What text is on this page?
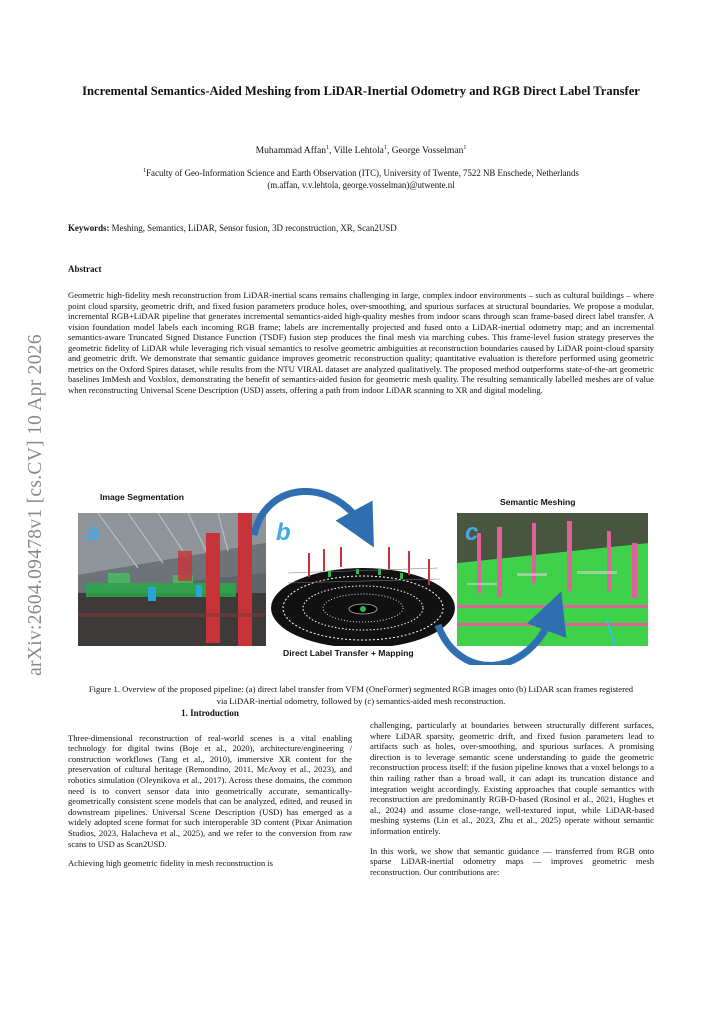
arXiv:2604.09478v1 [cs.CV] 10 Apr 2026
Incremental Semantics-Aided Meshing from LiDAR-Inertial Odometry and RGB Direct Label Transfer
Muhammad Affan$^1$, Ville Lehtola$^1$, George Vosselman$^1$
$^1$Faculty of Geo-Information Science and Earth Observation (ITC), University of Twente, 7522 NB Enschede, Netherlands
(m.affan, v.v.lehtola, george.vosselman)@utwente.nl
Keywords: Meshing, Semantics, LiDAR, Sensor fusion, 3D reconstruction, XR, Scan2USD
Abstract
Geometric high-fidelity mesh reconstruction from LiDAR-inertial scans remains challenging in large, complex indoor environments – such as cultural buildings – where point cloud sparsity, geometric drift, and fixed fusion parameters produce holes, over-smoothing, and spurious surfaces at structural boundaries. We propose a modular, incremental RGB+LiDAR pipeline that generates incremental semantics-aided high-quality meshes from indoor scans through scan frame-based direct label transfer. A vision foundation model labels each incoming RGB frame; labels are incrementally projected and fused onto a LiDAR-inertial odometry map; and an incremental semantics-aware Truncated Signed Distance Function (TSDF) fusion step produces the final mesh via marching cubes. This frame-level fusion strategy preserves the geometric fidelity of LiDAR while leveraging rich visual semantics to resolve geometric ambiguities at reconstruction boundaries caused by LiDAR point-cloud sparsity and geometric drift. We demonstrate that semantic guidance improves geometric reconstruction quality; quantitative evaluation is therefore performed using geometric metrics on the Oxford Spires dataset, while results from the NTU VIRAL dataset are analyzed qualitatively. The proposed method outperforms state-of-the-art geometric baselines ImMesh and Voxblox, demonstrating the benefit of semantics-aided fusion for geometric mesh quality. The resulting semantically labelled meshes are of value when reconstructing Universal Scene Description (USD) assets, offering a path from indoor LiDAR scanning to XR and digital modeling.
Image Segmentation	Semantic Meshing
Direct Label Transfer + Mapping
a	b	c
Figure 1. Overview of the proposed pipeline: (a) direct label transfer from VFM (OneFormer) segmented RGB images onto (b) LiDAR scan frames registered via LiDAR-inertial odometry, followed by (c) semantics-aided mesh reconstruction.
1. Introduction

Three-dimensional reconstruction of real-world scenes is a vital enabling technology for digital twins (Boje et al., 2020), architecture/engineering / construction workflows (Tang et al., 2010), immersive XR content for the preservation of cultural heritage (Remondino, 2011, McAvoy et al., 2023), and robotics simulation (Oleynikova et al., 2017). Across these domains, the common need is to convert sensor data into geometrically accurate, semantically-geometrically consistent scene models that can be analyzed, edited, and reused in downstream pipelines. Universal Scene Description (USD) has emerged as a widely adopted scene format for such interoperable 3D content (Pixar Animation Studios, 2023, Halacheva et al., 2025), and we refer to the conversion from raw scans to USD as Scan2USD.

Achieving high geometric fidelity in mesh reconstruction is

challenging, particularly at boundaries between structurally different surfaces, where LiDAR sparsity, geometric drift, and fixed fusion parameters lead to artifacts such as holes, over-smoothing, and spurious surfaces. A promising direction is to leverage semantic scene understanding to guide the geometric reconstruction process itself: if the fusion pipeline knows that a voxel belongs to a thin railing rather than a broad wall, it can adapt its truncation distance and integration weight accordingly. Existing approaches that couple semantics with reconstruction are predominantly RGB-D-based (Rosinol et al., 2021, Hughes et al., 2024) and assume close-range, well-textured input, while LiDAR-based meshing systems (Lin et al., 2023, Zhu et al., 2025) operate without semantic information entirely.

In this work, we show that semantic guidance — transferred from RGB onto sparse LiDAR-inertial odometry maps — improves geometric mesh reconstruction. Our contributions are:
